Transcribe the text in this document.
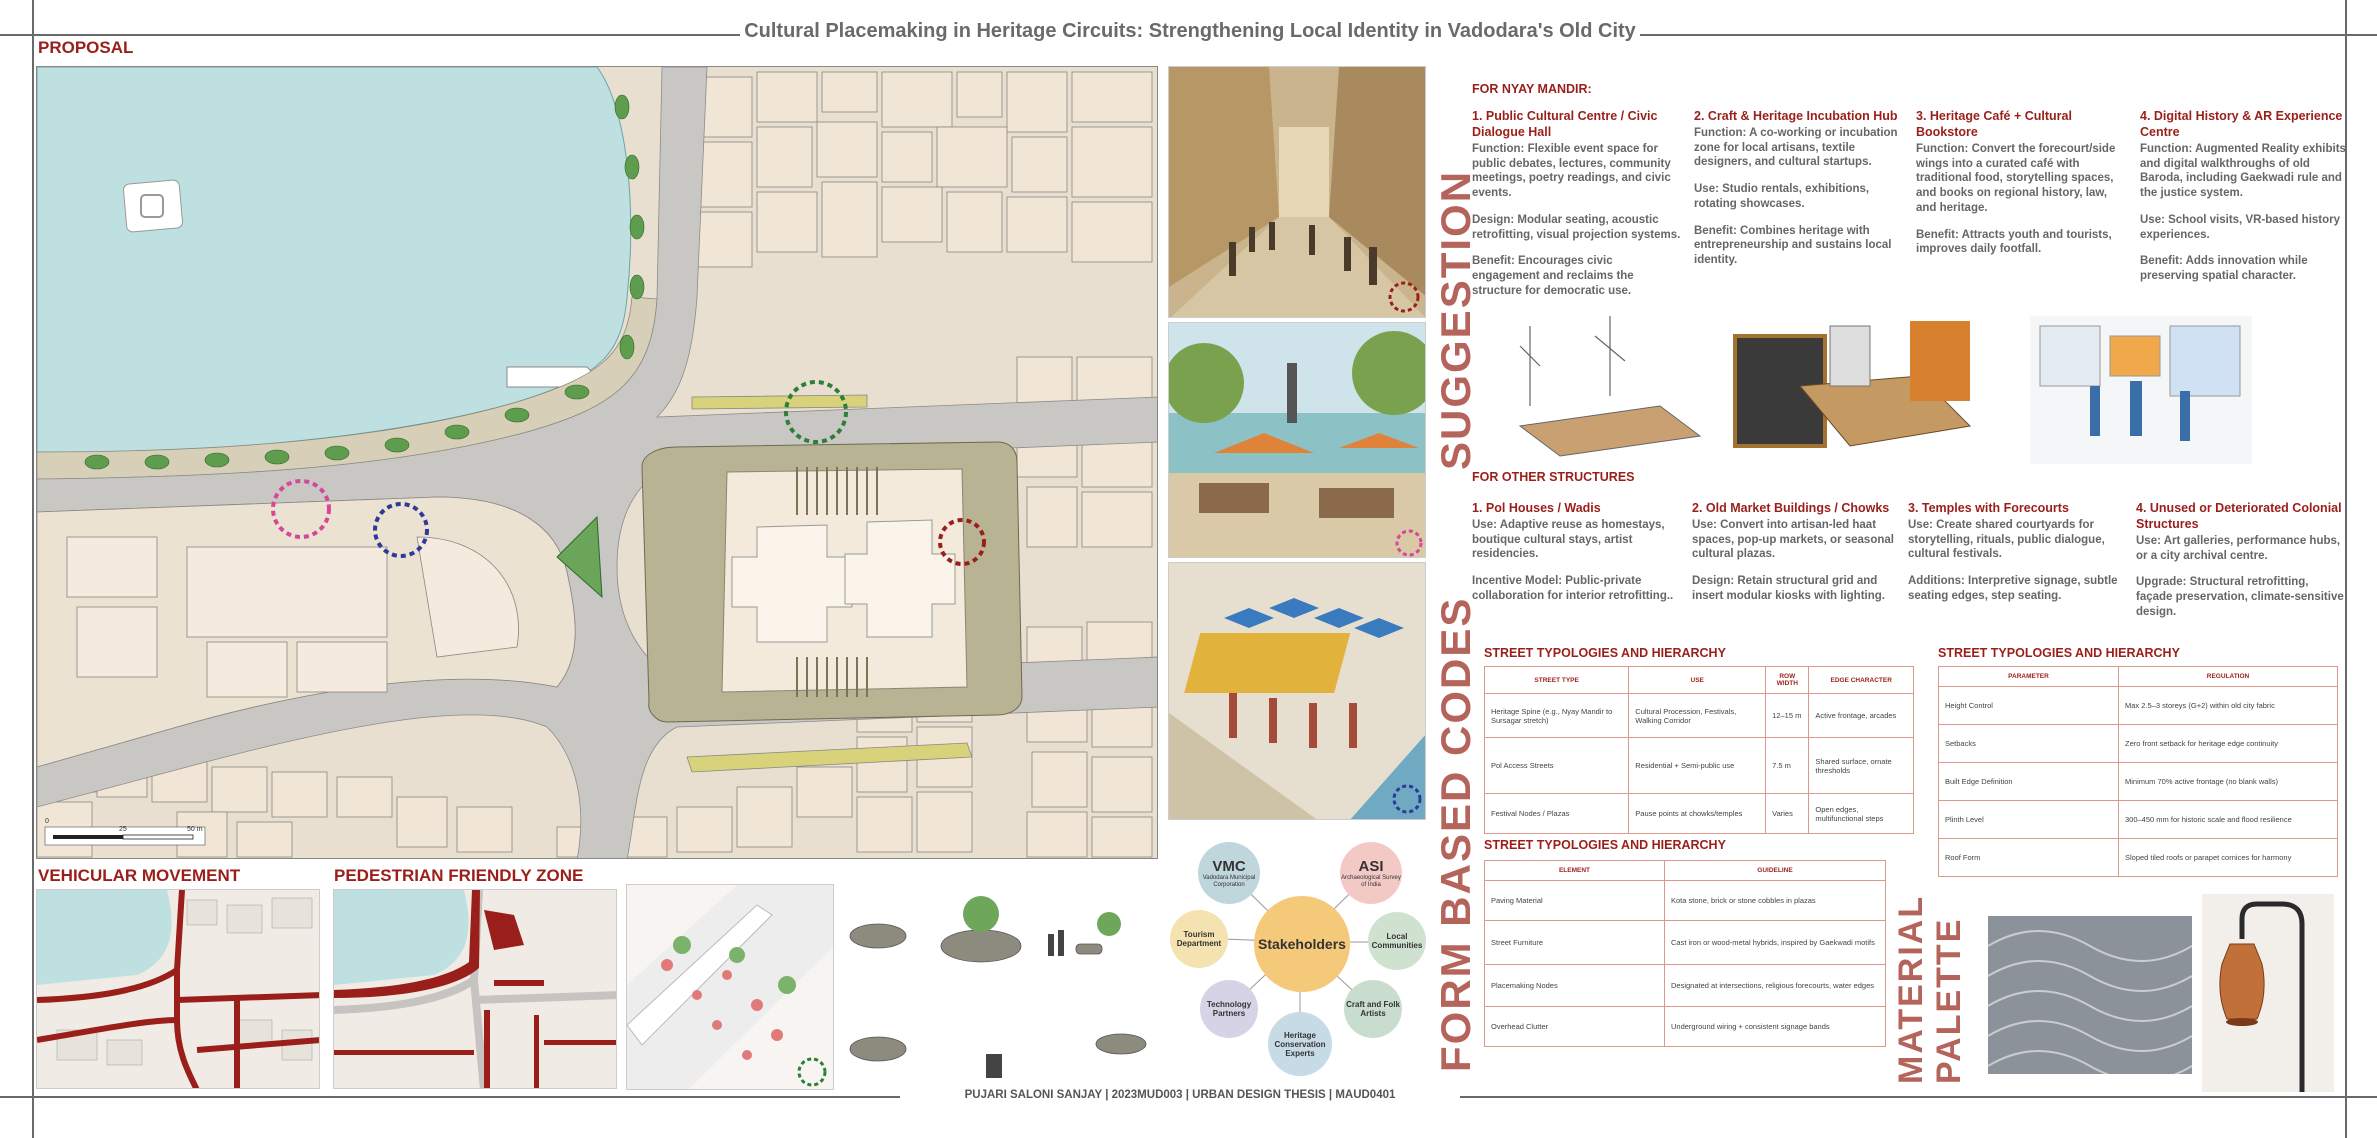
Cultural Placemaking in Heritage Circuits: Strengthening Local Identity in Vadodara's Old City
PROPOSAL
0
25	50 m
VEHICULAR MOVEMENT	PEDESTRIAN FRIENDLY ZONE
Stakeholders
VMC
Vadodara Municipal Corporation
ASI
Archaeological Survey of India
Tourism Department
Local Communities
Technology Partners
Craft and Folk Artists
Heritage Conservation Experts
SUGGESTION
FORM BASED CODES	MATERIAL PALETTE
FOR NYAY MANDIR:
1. Public Cultural Centre / Civic Dialogue Hall

Function: Flexible event space for public debates, lectures, community meetings, poetry readings, and civic events.

Design: Modular seating, acoustic retrofitting, visual projection systems.

Benefit: Encourages civic engagement and reclaims the structure for democratic use.

2. Craft & Heritage Incubation Hub

Function: A co-working or incubation zone for local artisans, textile designers, and cultural startups.

Use: Studio rentals, exhibitions, rotating showcases.

Benefit: Combines heritage with entrepreneurship and sustains local identity.

3. Heritage Café + Cultural Bookstore

Function: Convert the forecourt/side wings into a curated café with traditional food, storytelling spaces, and books on regional history, law, and heritage.

Benefit: Attracts youth and tourists, improves daily footfall.

4. Digital History & AR Experience Centre

Function: Augmented Reality exhibits and digital walkthroughs of old Baroda, including Gaekwadi rule and the justice system.

Use: School visits, VR-based history experiences.

Benefit: Adds innovation while preserving spatial character.

FOR OTHER STRUCTURES
1. Pol Houses / Wadis

Use: Adaptive reuse as homestays, boutique cultural stays, artist residencies.

Incentive Model: Public-private collaboration for interior retrofitting..

2. Old Market Buildings / Chowks

Use: Convert into artisan-led haat spaces, pop-up markets, or seasonal cultural plazas.

Design: Retain structural grid and insert modular kiosks with lighting.

3. Temples with Forecourts

Use: Create shared courtyards for storytelling, rituals, public dialogue, cultural festivals.

Additions: Interpretive signage, subtle seating edges, step seating.

4. Unused or Deteriorated Colonial Structures

Use: Art galleries, performance hubs, or a city archival centre.

Upgrade: Structural retrofitting, façade preservation, climate-sensitive design.

STREET TYPOLOGIES AND HIERARCHY
STREET TYPE	USE	ROW WIDTH	EDGE CHARACTER
Heritage Spine (e.g., Nyay Mandir to Sursagar stretch)	Cultural Procession, Festivals, Walking Corridor	12–15 m	Active frontage, arcades
Pol Access Streets	Residential + Semi-public use	7.5 m	Shared surface, ornate thresholds
Festival Nodes / Plazas	Pause points at chowks/temples	Varies	Open edges, multifunctional steps
STREET TYPOLOGIES AND HIERARCHY
ELEMENT	GUIDELINE
Paving Material	Kota stone, brick or stone cobbles in plazas
Street Furniture	Cast iron or wood-metal hybrids, inspired by Gaekwadi motifs
Placemaking Nodes	Designated at intersections, religious forecourts, water edges
Overhead Clutter	Underground wiring + consistent signage bands
STREET TYPOLOGIES AND HIERARCHY
PARAMETER	REGULATION
Height Control	Max 2.5–3 storeys (G+2) within old city fabric
Setbacks	Zero front setback for heritage edge continuity
Built Edge Definition	Minimum 70% active frontage (no blank walls)
Plinth Level	300–450 mm for historic scale and flood resilience
Roof Form	Sloped tiled roofs or parapet cornices for harmony
PUJARI SALONI SANJAY | 2023MUD003 | URBAN DESIGN THESIS | MAUD0401
